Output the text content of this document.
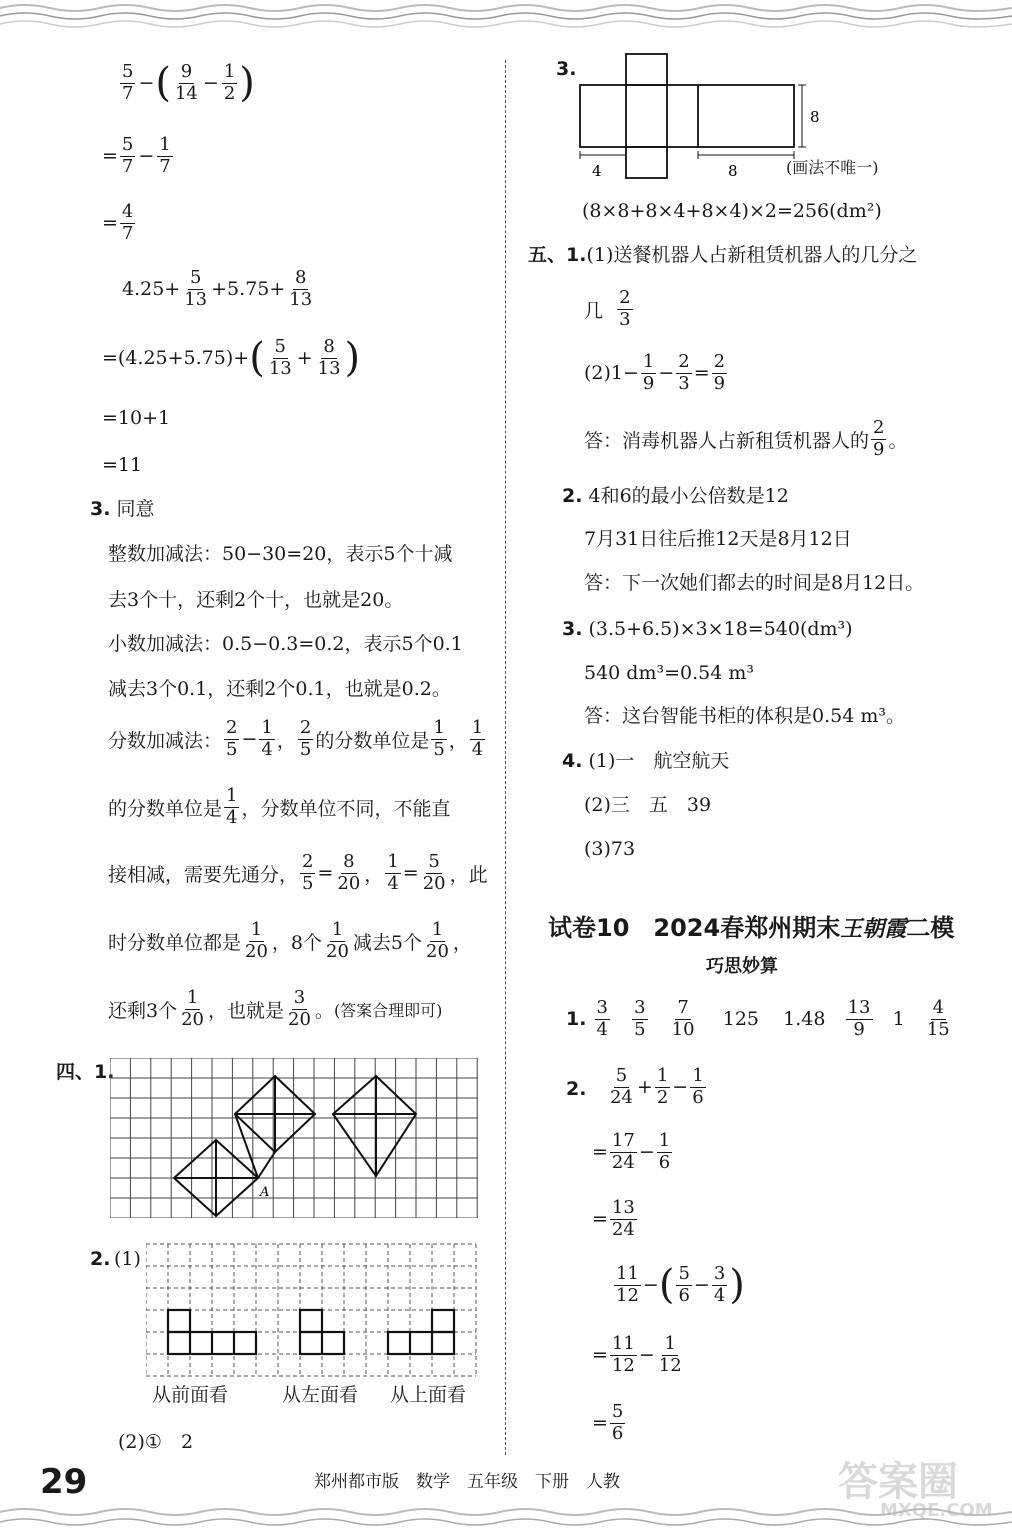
$\frac{5}{7}$ − ( $\frac{9}{14} - \frac{1}{2}$ )
= $\frac{5}{7} - \frac{1}{7}$
= $\frac{4}{7}$
$4.25+ \frac{5}{13} +5.75+ \frac{8}{13}$
=(4.25+5.75)+ ( $\frac{5}{13} + \frac{8}{13}$ )
=10+1
=11
3. 同意
整数加减法：50−30=20，表示5个十减
去3个十，还剩2个十，也就是20。
小数加减法：0.5−0.3=0.2，表示5个0.1
减去3个0.1，还剩2个0.1，也就是0.2。
分数加减法： $\frac{2}{5} - \frac{1}{4}$ ， $\frac{2}{5}$ 的分数单位是 $\frac{1}{5}$ ， $\frac{1}{4}$
的分数单位是 $\frac{1}{4}$ ，分数单位不同，不能直
接相减，需要先通分， $\frac{2}{5} = \frac{8}{20}$ ， $\frac{1}{4} = \frac{5}{20}$ ，此
时分数单位都是 $\frac{1}{20}$ ，8个 $\frac{1}{20}$ 减去5个 $\frac{1}{20}$ ，
还剩3个 $\frac{1}{20}$ ，也就是 $\frac{3}{20}$ 。 (答案合理即可)
四、1.
A
2. (1)
从前面看	从左面看 从上面看
(2)①　2
3.
8
4	8	(画法不唯一)
(8×8+8×4+8×4)×2=256(dm²)
五、1.(1)送餐机器人占新租赁机器人的几分之
几
$\frac{2}{3}$
$(2)1- \frac{1}{9} - \frac{2}{3} = \frac{2}{9}$
答：消毒机器人占新租赁机器人的 $\frac{2}{9}$ 。
2. 4和6的最小公倍数是12
7月31日往后推12天是8月12日
答：下一次她们都去的时间是8月12日。
3. (3.5+6.5)×3×18=540(dm³)
540 dm³=0.54 m³
答：这台智能书柜的体积是0.54 m³。
4. (1)一　航空航天
(2)三　五　39
(3)73
试卷10　2024春郑州期末王朝霞二模
巧思妙算
1.
$\frac{3}{4}$
$\frac{3}{5}$
$\frac{7}{10}$
125
1.48
$\frac{13}{9}$
1
$\frac{4}{15}$
2. $\frac{5}{24} + \frac{1}{2} - \frac{1}{6}$
= $\frac{17}{24} - \frac{1}{6}$
= $\frac{13}{24}$
$\frac{11}{12}$ − ( $\frac{5}{6} - \frac{3}{4}$ )
= $\frac{11}{12} - \frac{1}{12}$
= $\frac{5}{6}$
29	郑州都市版　数学　五年级　下册　人教	答案圈
MXQE.COM
